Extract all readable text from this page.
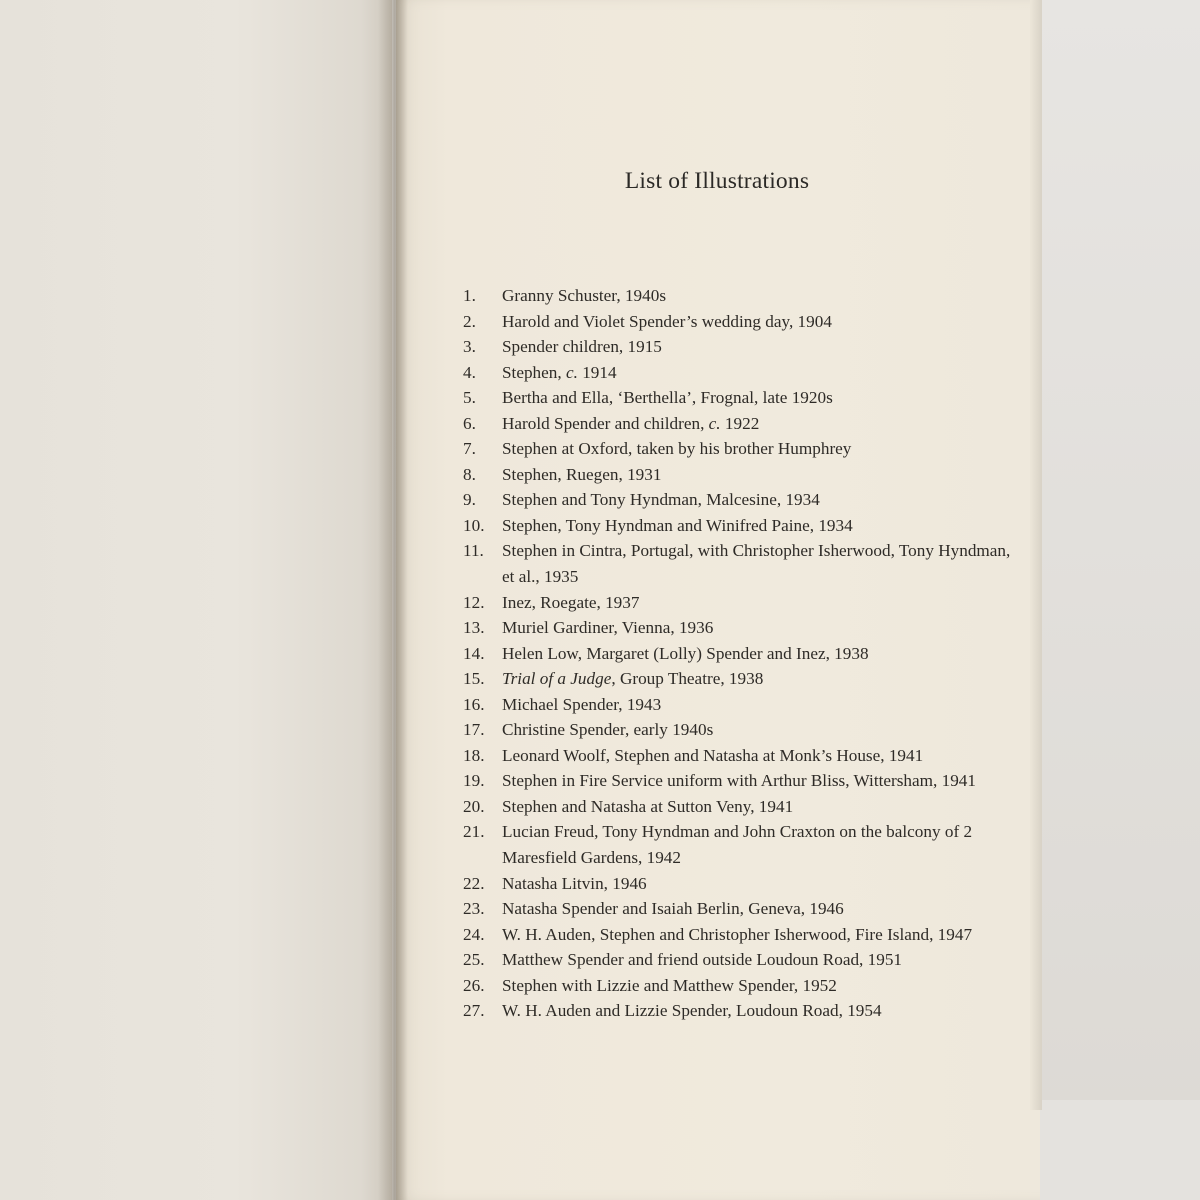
List of Illustrations
1.	Granny Schuster, 1940s
2.	Harold and Violet Spender’s wedding day, 1904
3.	Spender children, 1915
4.	Stephen, c. 1914
5.	Bertha and Ella, ‘Berthella’, Frognal, late 1920s
6.	Harold Spender and children, c. 1922
7.	Stephen at Oxford, taken by his brother Humphrey
8.	Stephen, Ruegen, 1931
9.	Stephen and Tony Hyndman, Malcesine, 1934
10.	Stephen, Tony Hyndman and Winifred Paine, 1934
11.	Stephen in Cintra, Portugal, with Christopher Isherwood, Tony Hyndman, et al., 1935
12.	Inez, Roegate, 1937
13.	Muriel Gardiner, Vienna, 1936
14.	Helen Low, Margaret (Lolly) Spender and Inez, 1938
15.	Trial of a Judge, Group Theatre, 1938
16.	Michael Spender, 1943
17.	Christine Spender, early 1940s
18.	Leonard Woolf, Stephen and Natasha at Monk’s House, 1941
19.	Stephen in Fire Service uniform with Arthur Bliss, Wittersham, 1941
20.	Stephen and Natasha at Sutton Veny, 1941
21.	Lucian Freud, Tony Hyndman and John Craxton on the balcony of 2 Maresfield Gardens, 1942
22.	Natasha Litvin, 1946
23.	Natasha Spender and Isaiah Berlin, Geneva, 1946
24.	W. H. Auden, Stephen and Christopher Isherwood, Fire Island, 1947
25.	Matthew Spender and friend outside Loudoun Road, 1951
26.	Stephen with Lizzie and Matthew Spender, 1952
27.	W. H. Auden and Lizzie Spender, Loudoun Road, 1954
